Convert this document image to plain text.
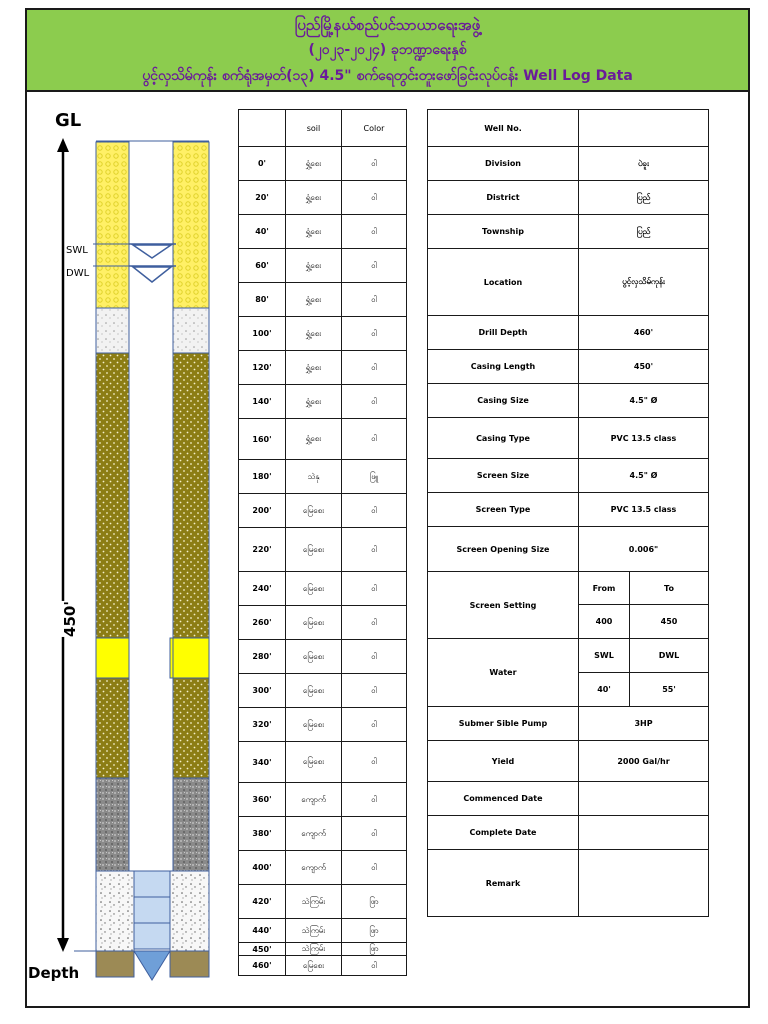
ပြည်မြို့နယ်စည်ပင်သာယာရေးအဖွဲ့
(၂၀၂၃-၂၀၂၄) ခုဘဏ္ဍာရေးနှစ်
ပွင့်လှသိမ်ကုန်း စက်ရုံအမှတ်(၁၃) 4.5" စက်ရေတွင်းတူးဖော်ခြင်းလုပ်ငန်း Well Log Data
GL
Depth
SWL
DWL
450'
	soil	Color
0'	ရွှံ့စေး	ဝါ
20'	ရွှံ့စေး	ဝါ
40'	ရွှံ့စေး	ဝါ
60'	ရွှံ့စေး	ဝါ
80'	ရွှံ့စေး	ဝါ
100'	ရွှံ့စေး	ဝါ
120'	ရွှံ့စေး	ဝါ
140'	ရွှံ့စေး	ဝါ
160'	ရွှံ့စေး	ဝါ
180'	သဲနု	ဖြူ
200'	မြေစေး	ဝါ
220'	မြေစေး	ဝါ
240'	မြေစေး	ဝါ
260'	မြေစေး	ဝါ
280'	မြေစေး	ဝါ
300'	မြေစေး	ဝါ
320'	မြေစေး	ဝါ
340'	မြေစေး	ဝါ
360'	ကျောက်	ဝါ
380'	ကျောက်	ဝါ
400'	ကျောက်	ဝါ
420'	သဲကြမ်း	ဖြာ
440'	သဲကြမ်း	ဖြာ
450'	သဲကြမ်း	ဖြာ
460'	မြေစေး	ဝါ
Well No.		
Division	ပဲခူး	
District	ပြည်	
Township	ပြည်	
Location	ပွင့်လှသိမ်ကုန်း	
Drill Depth	460'	
Casing Length	450'	
Casing Size	4.5" Ø	
Casing Type	PVC 13.5 class	
Screen Size	4.5" Ø	
Screen Type	PVC 13.5 class	
Screen Opening Size	0.006"	
Screen Setting	From	To
	400	450
Water	SWL	DWL
	40'	55'
Submer Sible Pump	3HP	
Yield	2000 Gal/hr	
Commenced Date		
Complete Date		
Remark		
